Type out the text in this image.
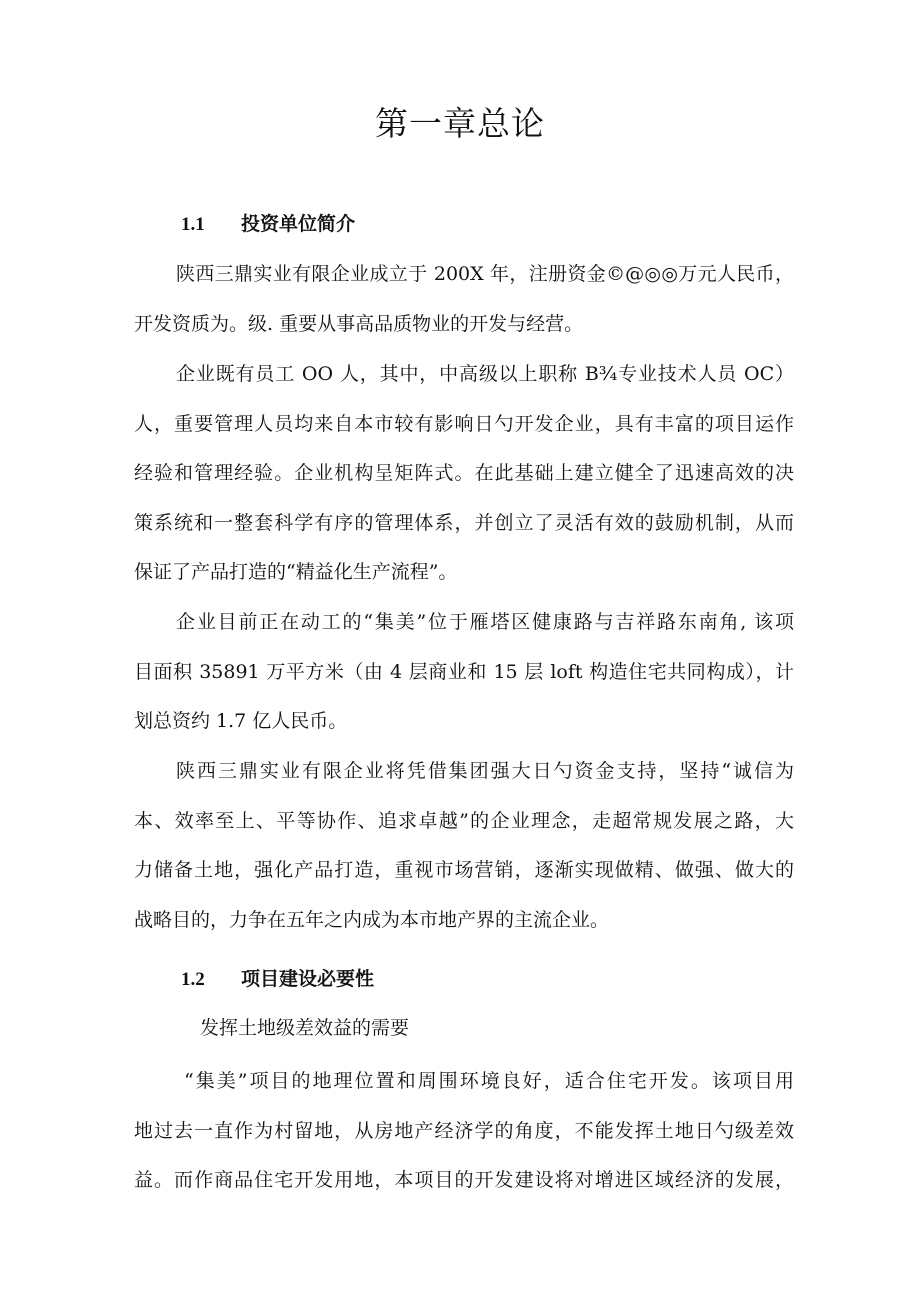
第一章总论
1.1 投资单位简介
陕西三鼎实业有限企业成立于 200X 年，注册资金©@◎◎万元人民币，
开发资质为。级. 重要从事高品质物业的开发与经营。
企业既有员工 OO 人，其中，中高级以上职称 B¾专业技术人员 OC）
人，重要管理人员均来自本市较有影响日勺开发企业，具有丰富的项目运作
经验和管理经验。企业机构呈矩阵式。在此基础上建立健全了迅速高效的决
策系统和一整套科学有序的管理体系，并创立了灵活有效的鼓励机制，从而
保证了产品打造的“精益化生产流程”。
企业目前正在动工的“集美”位于雁塔区健康路与吉祥路东南角, 该项
目面积 35891 万平方米（由 4 层商业和 15 层 loft 构造住宅共同构成），计
划总资约 1.7 亿人民币。
陕西三鼎实业有限企业将凭借集团强大日勺资金支持，坚持“诚信为
本、效率至上、平等协作、追求卓越”的企业理念，走超常规发展之路，大
力储备土地，强化产品打造，重视市场营销，逐渐实现做精、做强、做大的
战略目的，力争在五年之内成为本市地产界的主流企业。
1.2 项目建设必要性
发挥土地级差效益的需要
“集美”项目的地理位置和周围环境良好，适合住宅开发。该项目用
地过去一直作为村留地，从房地产经济学的角度，不能发挥土地日勺级差效
益。而作商品住宅开发用地，本项目的开发建设将对增进区域经济的发展，
